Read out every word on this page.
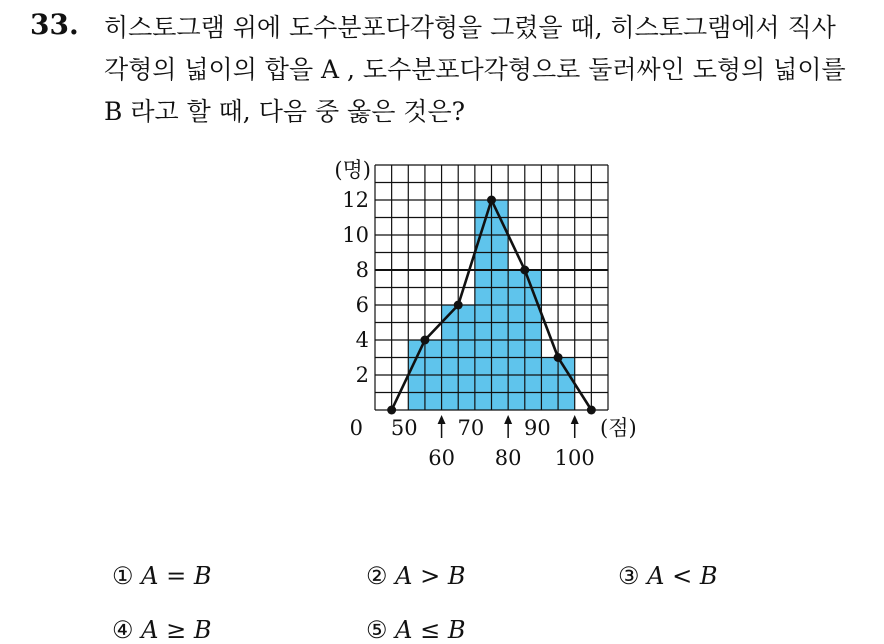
33. 히스토그램 위에 도수분포다각형을 그렸을 때, 히스토그램에서 직사
각형의 넓이의 합을 A , 도수분포다각형으로 둘러싸인 도형의 넓이를
B 라고 할 때, 다음 중 옳은 것은?
(명)
2
4
6
8
10
12
0 50 70 90
60 80 100
(점)
① A = B	② A > B	③ A < B
④ A ≥ B	⑤ A ≤ B
